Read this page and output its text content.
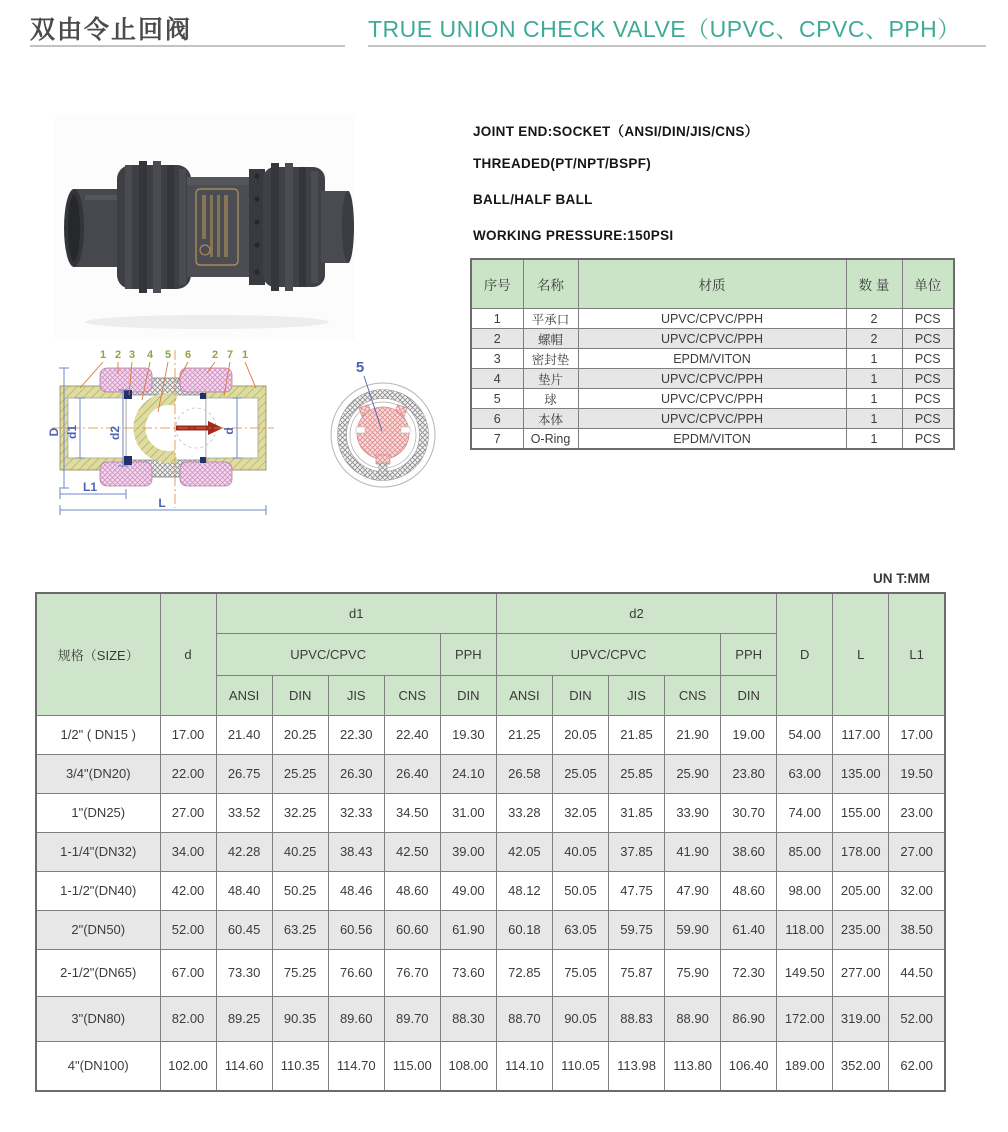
双由令止回阀	TRUE UNION CHECK VALVE（UPVC、CPVC、PPH）
JOINT END:SOCKET（ANSI/DIN/JIS/CNS）
THREADED(PT/NPT/BSPF)
BALL/HALF BALL
WORKING PRESSURE:150PSI
序号	名称	材质	数 量	单位
1	平承口	UPVC/CPVC/PPH	2	PCS
2	螺帽	UPVC/CPVC/PPH	2	PCS
3	密封垫	EPDM/VITON	1	PCS
4	垫片	UPVC/CPVC/PPH	1	PCS
5	球	UPVC/CPVC/PPH	1	PCS
6	本体	UPVC/CPVC/PPH	1	PCS
7	O-Ring	EPDM/VITON	1	PCS
D d1 d2	d
L1
L
1 2 3 4 5 6 2 7 1
5
UN T:MM
规格（SIZE）	d	d1					d2					D	L	L1
		UPVC/CPVC				PPH	UPVC/CPVC				PPH			
		ANSI	DIN	JIS	CNS	DIN	ANSI	DIN	JIS	CNS	DIN			
1/2" ( DN15 )	17.00	21.40	20.25	22.30	22.40	19.30	21.25	20.05	21.85	21.90	19.00	54.00	117.00	17.00
3/4"(DN20)	22.00	26.75	25.25	26.30	26.40	24.10	26.58	25.05	25.85	25.90	23.80	63.00	135.00	19.50
1"(DN25)	27.00	33.52	32.25	32.33	34.50	31.00	33.28	32.05	31.85	33.90	30.70	74.00	155.00	23.00
1-1/4"(DN32)	34.00	42.28	40.25	38.43	42.50	39.00	42.05	40.05	37.85	41.90	38.60	85.00	178.00	27.00
1-1/2"(DN40)	42.00	48.40	50.25	48.46	48.60	49.00	48.12	50.05	47.75	47.90	48.60	98.00	205.00	32.00
2"(DN50)	52.00	60.45	63.25	60.56	60.60	61.90	60.18	63.05	59.75	59.90	61.40	118.00	235.00	38.50
2-1/2"(DN65)	67.00	73.30	75.25	76.60	76.70	73.60	72.85	75.05	75.87	75.90	72.30	149.50	277.00	44.50
3"(DN80)	82.00	89.25	90.35	89.60	89.70	88.30	88.70	90.05	88.83	88.90	86.90	172.00	319.00	52.00
4"(DN100)	102.00	114.60	110.35	114.70	115.00	108.00	114.10	110.05	113.98	113.80	106.40	189.00	352.00	62.00
